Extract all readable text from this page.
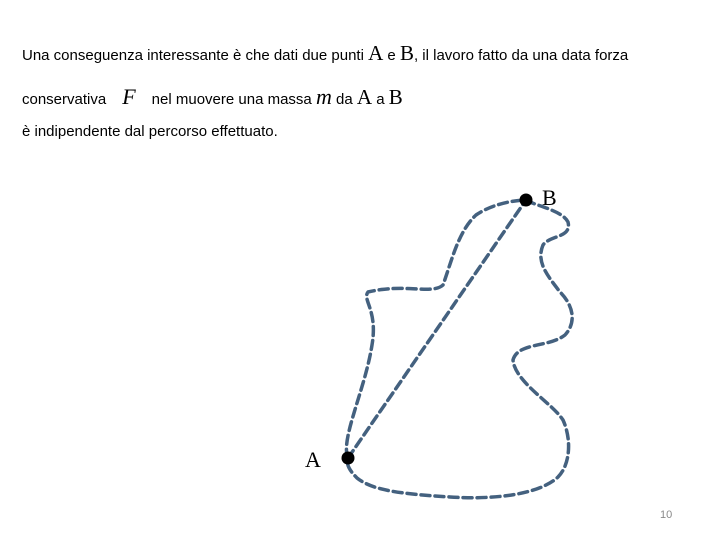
Una conseguenza interessante è che dati due punti A e B, il lavoro fatto da una data forza
conservativa F nel muovere una massa m da A a B
è indipendente dal percorso effettuato.
A
B
10
